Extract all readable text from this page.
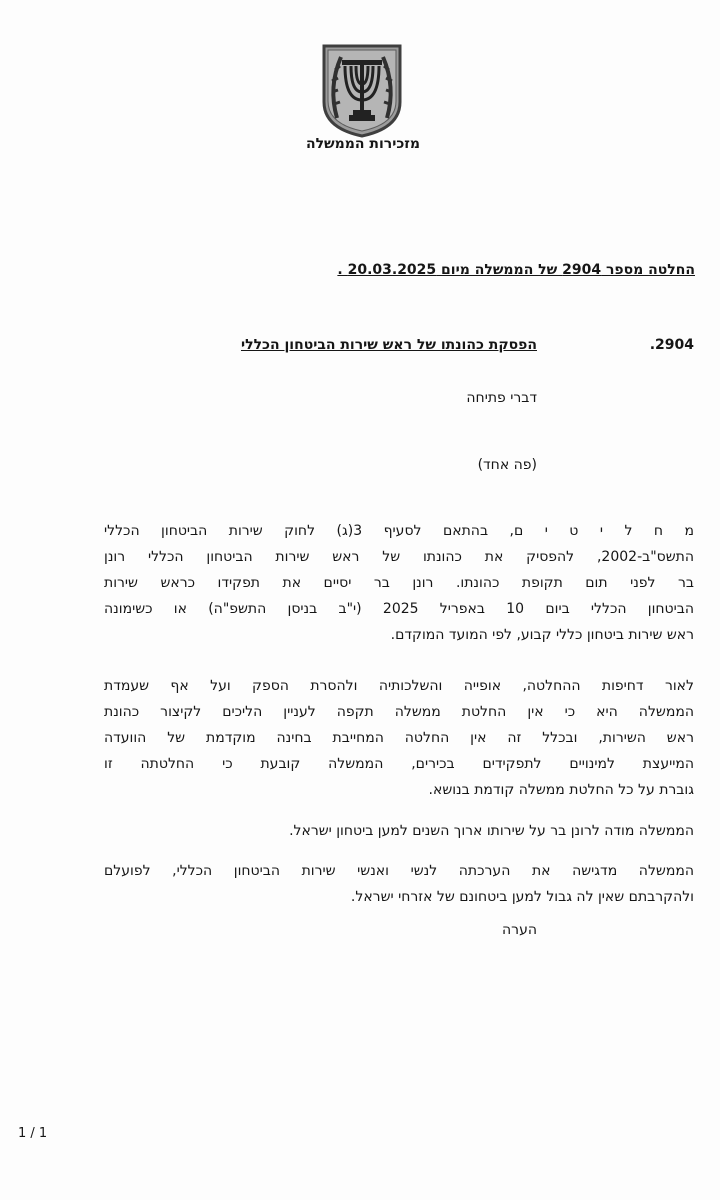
מזכירות הממשלה
החלטה מספר 2904 של הממשלה מיום 20.03.2025 .
.2904
הפסקת כהונתו של ראש שירות הביטחון הכללי
דברי פתיחה
(פה אחד)
מ ח ל י ט י ם, בהתאם לסעיף 3(ג) לחוק שירות הביטחון הכללי
התשס"ב-2002, להפסיק את כהונתו של ראש שירות הביטחון הכללי רונן
בר לפני תום תקופת כהונתו. רונן בר יסיים את תפקידו כראש שירות
הביטחון הכללי ביום 10 באפריל 2025 (י"ב בניסן התשפ"ה) או כשימונה
ראש שירות ביטחון כללי קבוע, לפי המועד המוקדם.
לאור דחיפות ההחלטה, אופייה והשלכותיה ולהסרת הספק ועל אף שעמדת
הממשלה היא כי אין החלטת ממשלה תקפה לעניין הליכים לקיצור כהונת
ראש השירות, ובכלל זה אין החלטה המחייבת בחינה מוקדמת של הוועדה
המייעצת למינויים לתפקידים בכירים, הממשלה קובעת כי החלטתה זו
גוברת על כל החלטת ממשלה קודמת בנושא.
הממשלה מודה לרונן בר על שירותו ארוך השנים למען ביטחון ישראל.
הממשלה מדגישה את הערכתה לנשי ואנשי שירות הביטחון הכללי, לפועלם
ולהקרבתם שאין לה גבול למען ביטחונם של אזרחי ישראל.
הערה
1 / 1
